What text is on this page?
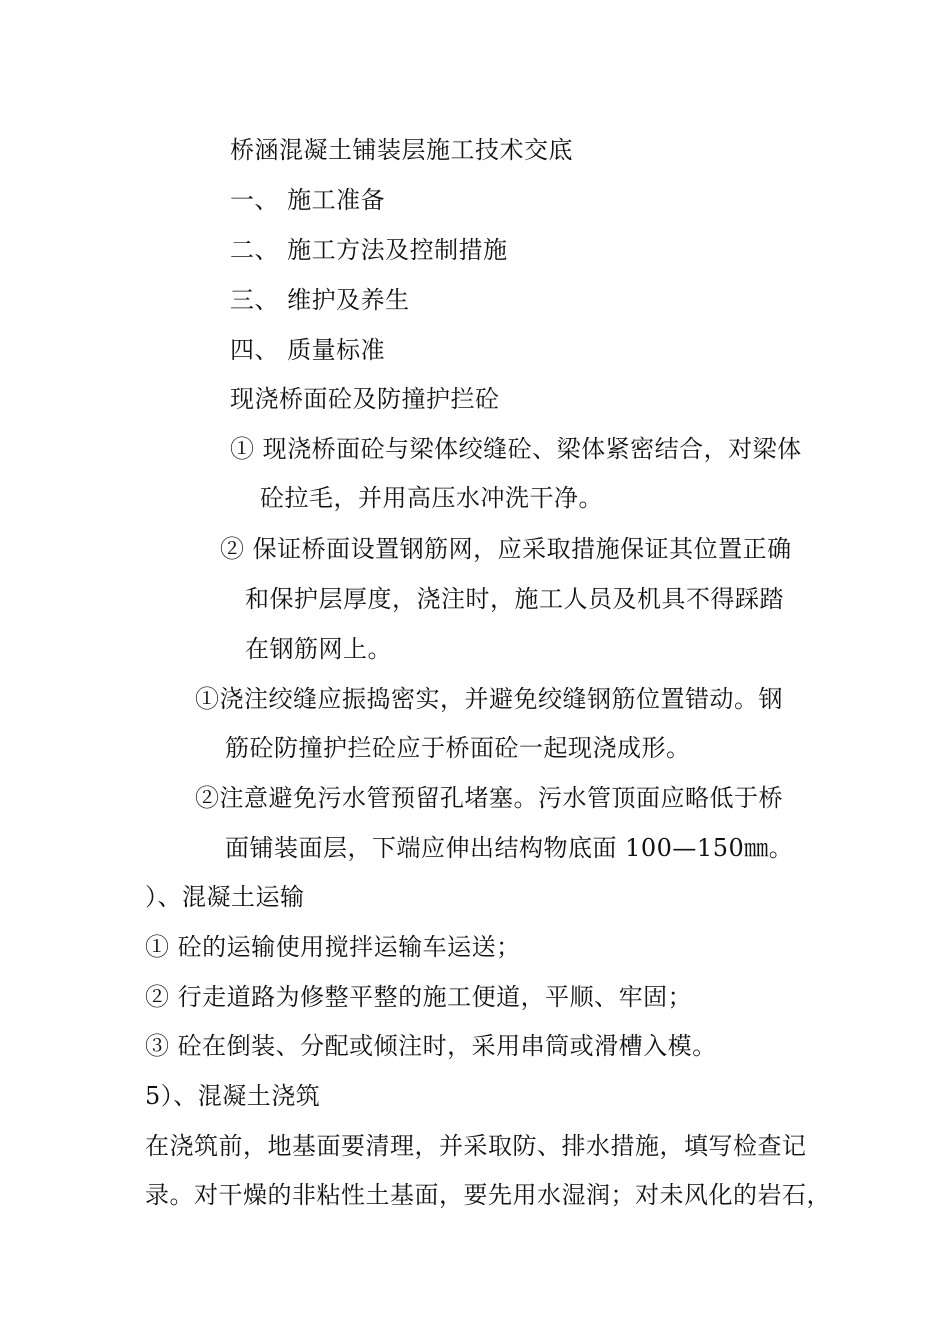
桥涵混凝土铺装层施工技术交底
一、 施工准备
二、 施工方法及控制措施
三、 维护及养生
四、 质量标准
现浇桥面砼及防撞护拦砼
① 现浇桥面砼与梁体绞缝砼、梁体紧密结合，对梁体
砼拉毛，并用高压水冲洗干净。
② 保证桥面设置钢筋网，应采取措施保证其位置正确
和保护层厚度，浇注时，施工人员及机具不得踩踏
在钢筋网上。
①浇注绞缝应振捣密实，并避免绞缝钢筋位置错动。钢
筋砼防撞护拦砼应于桥面砼一起现浇成形。
②注意避免污水管预留孔堵塞。污水管顶面应略低于桥
面铺装面层，下端应伸出结构物底面 100—150㎜。
）、混凝土运输
① 砼的运输使用搅拌运输车运送；
② 行走道路为修整平整的施工便道，平顺、牢固；
③ 砼在倒装、分配或倾注时，采用串筒或滑槽入模。
5）、混凝土浇筑
在浇筑前，地基面要清理，并采取防、排水措施，填写检查记
录。对干燥的非粘性土基面，要先用水湿润；对未风化的岩石，
